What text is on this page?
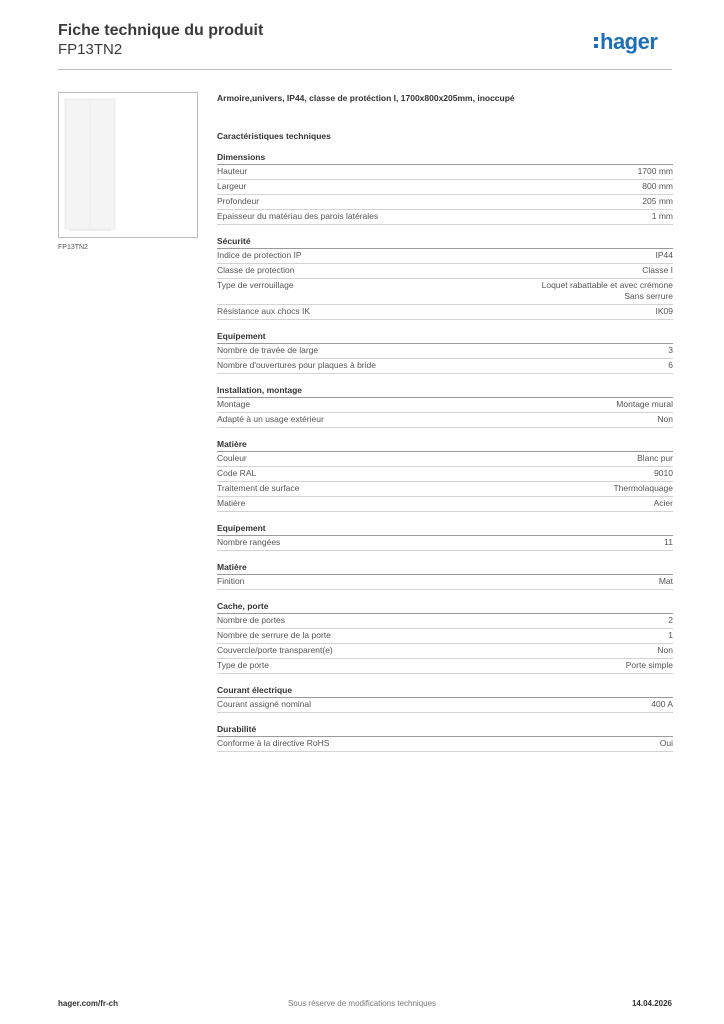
Fiche technique du produit
FP13TN2	hager
FP13TN2
Armoire,univers, IP44, classe de protéction I, 1700x800x205mm, inoccupé
Caractéristiques techniques
Dimensions
Hauteur	1700 mm
Largeur	800 mm
Profondeur	205 mm
Epaisseur du matériau des parois latérales	1 mm
Sécurité
Indice de protection IP	IP44
Classe de protection	Classe I
Type de verrouillage	Loquet rabattable et avec crémone
Sans serrure
Résistance aux chocs IK	IK09
Equipement
Nombre de travée de large	3
Nombre d'ouvertures pour plaques à bride	6
Installation, montage
Montage	Montage mural
Adapté à un usage extérieur	Non
Matière
Couleur	Blanc pur
Code RAL	9010
Traitement de surface	Thermolaquage
Matière	Acier
Equipement
Nombre rangées	11
Matière
Finition	Mat
Cache, porte
Nombre de portes	2
Nombre de serrure de la porte	1
Couvercle/porte transparent(e)	Non
Type de porte	Porte simple
Courant électrique
Courant assigné nominal	400 A
Durabilité
Conforme à la directive RoHS	Oui
hager.com/fr-ch	Sous réserve de modifications techniques	14.04.2026
